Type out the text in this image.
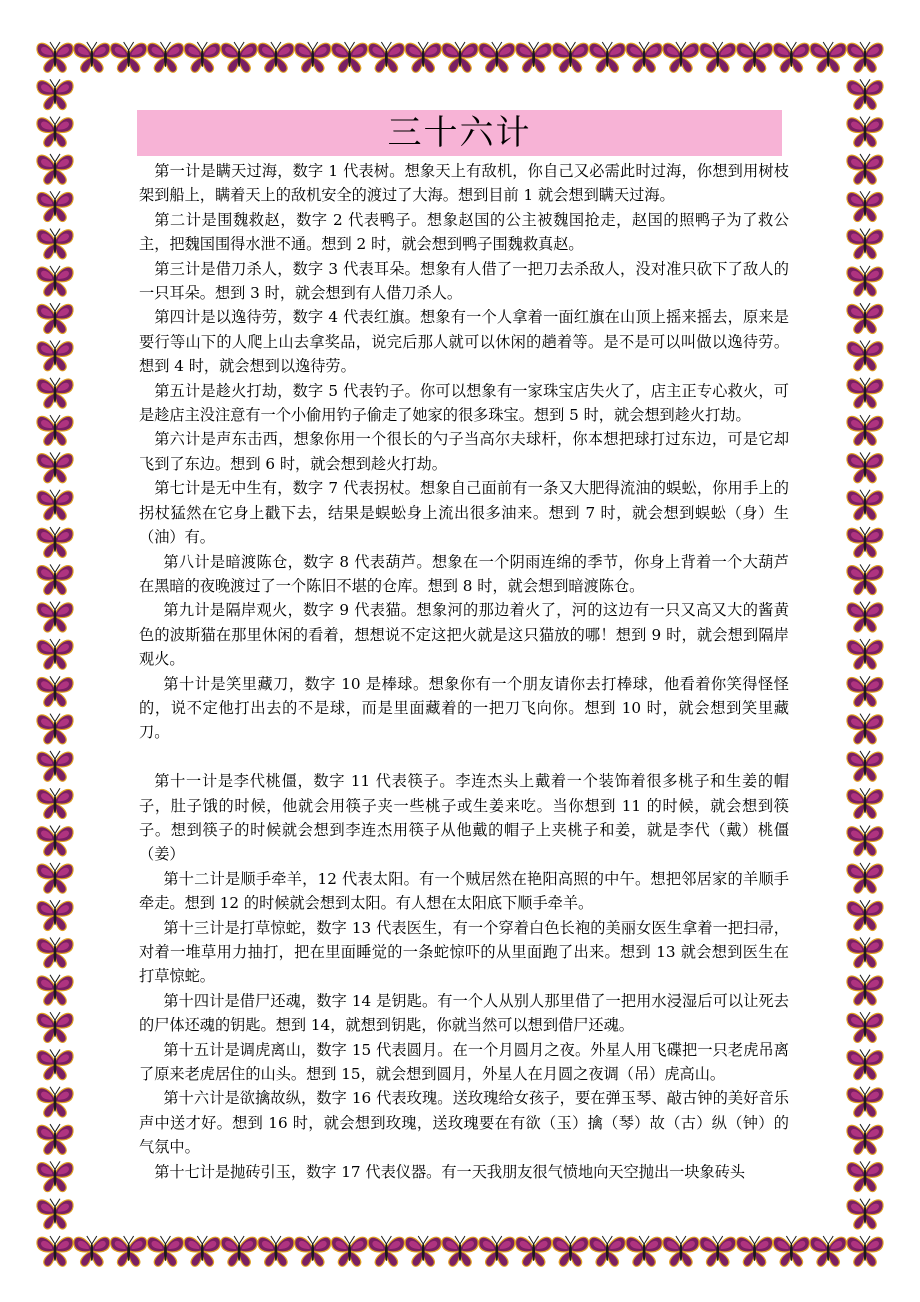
三十六计

第一计是瞒天过海，数字 1 代表树。想象天上有敌机，你自己又必需此时过海，你想到用树枝架到船上，瞒着天上的敌机安全的渡过了大海。想到目前 1 就会想到瞒天过海。

第二计是围魏救赵，数字 2 代表鸭子。想象赵国的公主被魏国抢走，赵国的照鸭子为了救公主，把魏国围得水泄不通。想到 2 时，就会想到鸭子围魏救真赵。

第三计是借刀杀人，数字 3 代表耳朵。想象有人借了一把刀去杀敌人，没对准只砍下了敌人的一只耳朵。想到 3 时，就会想到有人借刀杀人。

第四计是以逸待劳，数字 4 代表红旗。想象有一个人拿着一面红旗在山顶上摇来摇去，原来是要行等山下的人爬上山去拿奖品，说完后那人就可以休闲的趟着等。是不是可以叫做以逸待劳。想到 4 时，就会想到以逸待劳。

第五计是趁火打劫，数字 5 代表钓子。你可以想象有一家珠宝店失火了，店主正专心救火，可是趁店主没注意有一个小偷用钓子偷走了她家的很多珠宝。想到 5 时，就会想到趁火打劫。

第六计是声东击西，想象你用一个很长的勺子当高尔夫球杆，你本想把球打过东边，可是它却飞到了东边。想到 6 时，就会想到趁火打劫。

第七计是无中生有，数字 7 代表拐杖。想象自己面前有一条又大肥得流油的蜈蚣，你用手上的拐杖猛然在它身上戳下去，结果是蜈蚣身上流出很多油来。想到 7 时，就会想到蜈蚣（身）生（油）有。

第八计是暗渡陈仓，数字 8 代表葫芦。想象在一个阴雨连绵的季节，你身上背着一个大葫芦在黑暗的夜晚渡过了一个陈旧不堪的仓库。想到 8 时，就会想到暗渡陈仓。

第九计是隔岸观火，数字 9 代表猫。想象河的那边着火了，河的这边有一只又高又大的酱黄色的波斯猫在那里休闲的看着，想想说不定这把火就是这只猫放的哪！想到 9 时，就会想到隔岸观火。

第十计是笑里藏刀，数字 10 是棒球。想象你有一个朋友请你去打棒球，他看着你笑得怪怪的，说不定他打出去的不是球，而是里面藏着的一把刀飞向你。想到 10 时，就会想到笑里藏刀。

第十一计是李代桃僵，数字 11 代表筷子。李连杰头上戴着一个装饰着很多桃子和生姜的帽子，肚子饿的时候，他就会用筷子夹一些桃子或生姜来吃。当你想到 11 的时候，就会想到筷子。想到筷子的时候就会想到李连杰用筷子从他戴的帽子上夹桃子和姜，就是李代（戴）桃僵（姜）

第十二计是顺手牵羊，12 代表太阳。有一个贼居然在艳阳高照的中午。想把邻居家的羊顺手牵走。想到 12 的时候就会想到太阳。有人想在太阳底下顺手牵羊。

第十三计是打草惊蛇，数字 13 代表医生，有一个穿着白色长袍的美丽女医生拿着一把扫帚，对着一堆草用力抽打，把在里面睡觉的一条蛇惊吓的从里面跑了出来。想到 13 就会想到医生在打草惊蛇。

第十四计是借尸还魂，数字 14 是钥匙。有一个人从别人那里借了一把用水浸湿后可以让死去的尸体还魂的钥匙。想到 14，就想到钥匙，你就当然可以想到借尸还魂。

第十五计是调虎离山，数字 15 代表圆月。在一个月圆月之夜。外星人用飞碟把一只老虎吊离了原来老虎居住的山头。想到 15，就会想到圆月，外星人在月圆之夜调（吊）虎高山。

第十六计是欲擒故纵，数字 16 代表玫瑰。送玫瑰给女孩子，要在弹玉琴、敲古钟的美好音乐声中送才好。想到 16 时，就会想到玫瑰，送玫瑰要在有欲（玉）擒（琴）故（古）纵（钟）的气氛中。

第十七计是抛砖引玉，数字 17 代表仪器。有一天我朋友很气愤地向天空抛出一块象砖头
